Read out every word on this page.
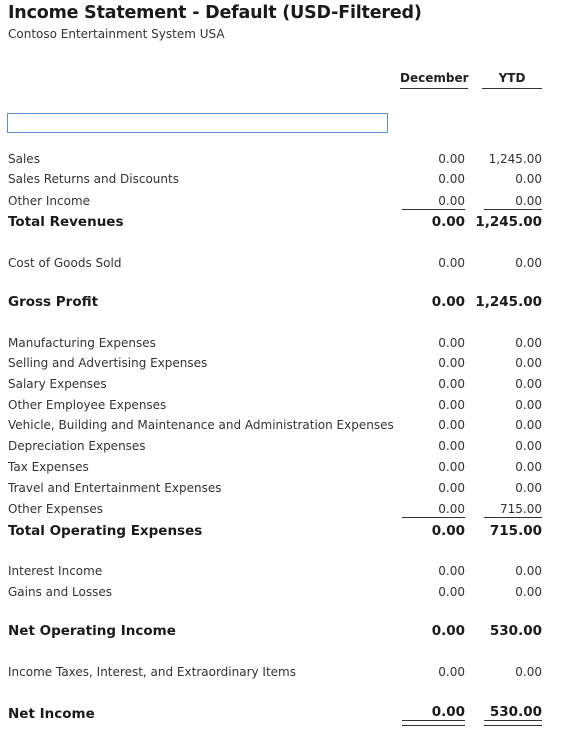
Income Statement - Default (USD-Filtered)
Contoso Entertainment System USA
December	YTD
Sales	0.00	1,245.00
Sales Returns and Discounts	0.00	0.00
Other Income	0.00	0.00
Total Revenues	0.00 1,245.00
Cost of Goods Sold	0.00	0.00
Gross Profit	0.00 1,245.00
Manufacturing Expenses	0.00	0.00
Selling and Advertising Expenses	0.00	0.00
Salary Expenses	0.00	0.00
Other Employee Expenses	0.00	0.00
Vehicle, Building and Maintenance and Administration Expenses	0.00	0.00
Depreciation Expenses	0.00	0.00
Tax Expenses	0.00	0.00
Travel and Entertainment Expenses	0.00	0.00
Other Expenses	0.00	715.00
Total Operating Expenses	0.00	715.00
Interest Income	0.00	0.00
Gains and Losses	0.00	0.00
Net Operating Income	0.00	530.00
Income Taxes, Interest, and Extraordinary Items	0.00	0.00
Net Income	0.00	530.00
